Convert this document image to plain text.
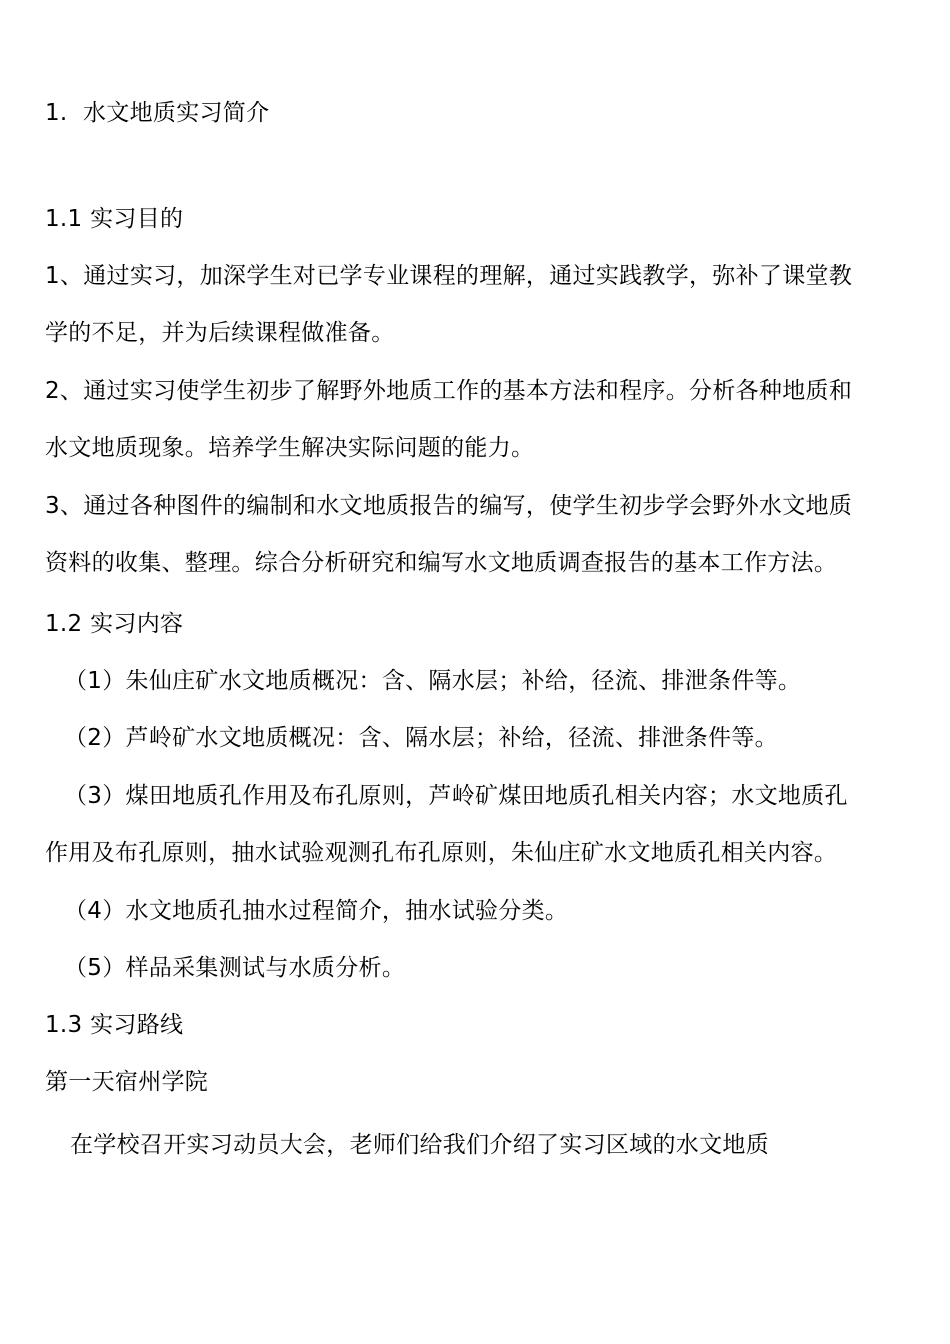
1. 水文地质实习简介
1.1 实习目的
1、通过实习，加深学生对已学专业课程的理解，通过实践教学，弥补了课堂教
学的不足，并为后续课程做准备。
2、通过实习使学生初步了解野外地质工作的基本方法和程序。分析各种地质和
水文地质现象。培养学生解决实际问题的能力。
3、通过各种图件的编制和水文地质报告的编写，使学生初步学会野外水文地质
资料的收集、整理。综合分析研究和编写水文地质调查报告的基本工作方法。
1.2 实习内容
（1）朱仙庄矿水文地质概况：含、隔水层；补给，径流、排泄条件等。
（2）芦岭矿水文地质概况：含、隔水层；补给，径流、排泄条件等。
（3）煤田地质孔作用及布孔原则，芦岭矿煤田地质孔相关内容；水文地质孔
作用及布孔原则，抽水试验观测孔布孔原则，朱仙庄矿水文地质孔相关内容。
（4）水文地质孔抽水过程简介，抽水试验分类。
（5）样品采集测试与水质分析。
1.3 实习路线
第一天宿州学院
在学校召开实习动员大会，老师们给我们介绍了实习区域的水文地质
